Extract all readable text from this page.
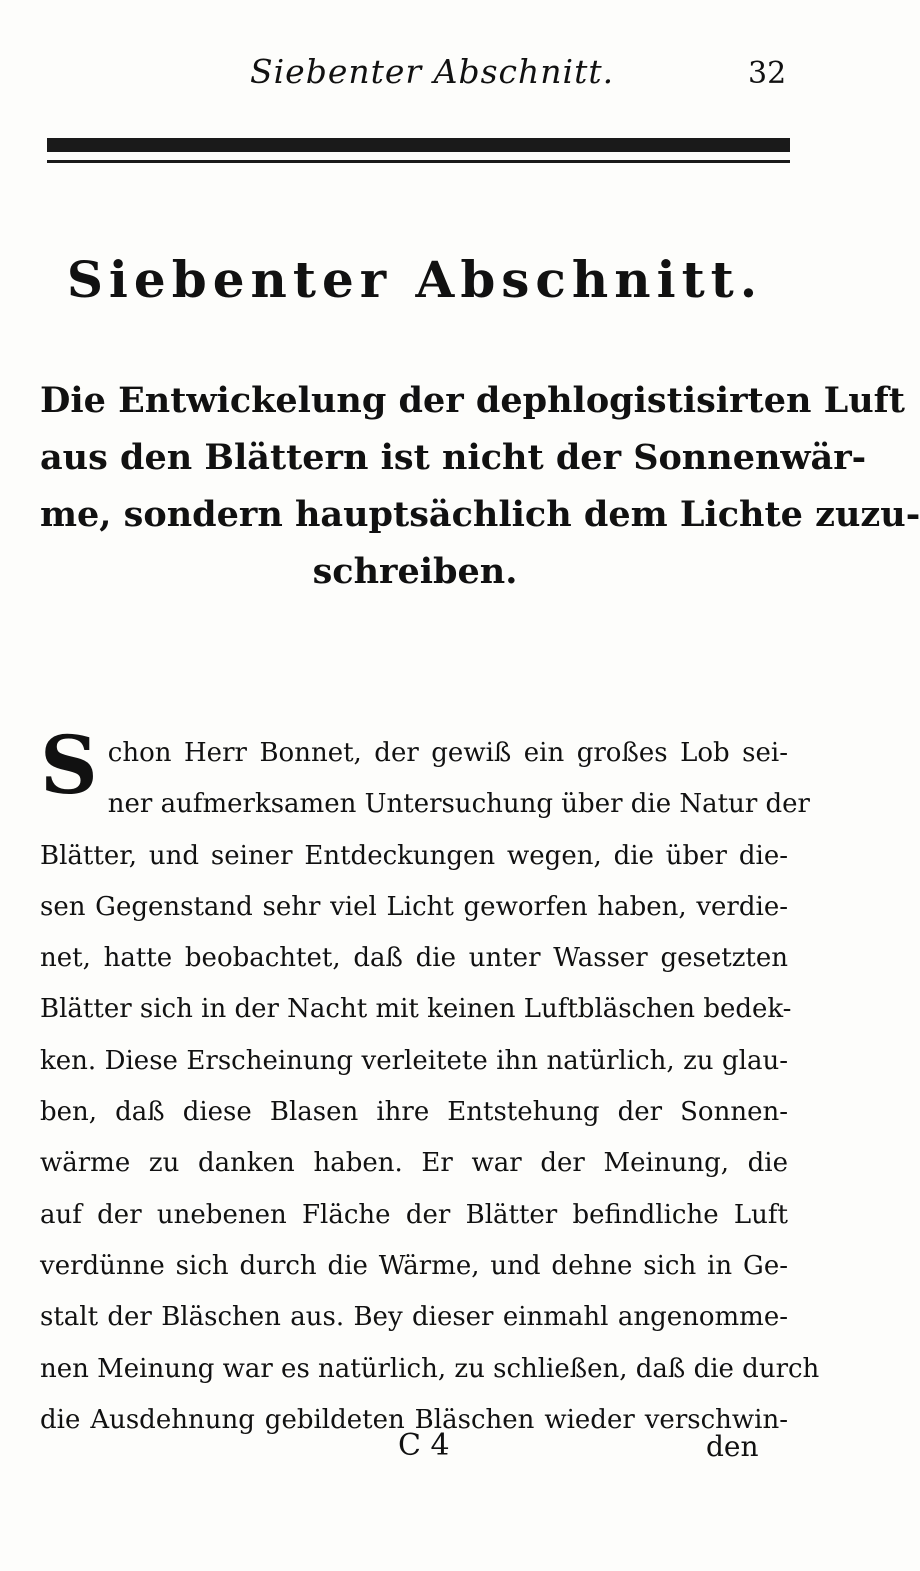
Siebenter Abschnitt.	32
Siebenter Abschnitt.
Die Entwickelung der dephlogistisirten Luft
aus den Blättern ist nicht der Sonnenwär-
me, sondern hauptsächlich dem Lichte zuzu-
schreiben.
S chon Herr Bonnet, der gewiß ein großes Lob sei-
ner aufmerksamen Untersuchung über die Natur der
Blätter, und seiner Entdeckungen wegen, die über die-
sen Gegenstand sehr viel Licht geworfen haben, verdie-
net, hatte beobachtet, daß die unter Wasser gesetzten
Blätter sich in der Nacht mit keinen Luftbläschen bedek-
ken. Diese Erscheinung verleitete ihn natürlich, zu glau-
ben, daß diese Blasen ihre Entstehung der Sonnen-
wärme zu danken haben. Er war der Meinung, die
auf der unebenen Fläche der Blätter befindliche Luft
verdünne sich durch die Wärme, und dehne sich in Ge-
stalt der Bläschen aus. Bey dieser einmahl angenomme-
nen Meinung war es natürlich, zu schließen, daß die durch
die Ausdehnung gebildeten Bläschen wieder verschwin-
C 4	den
